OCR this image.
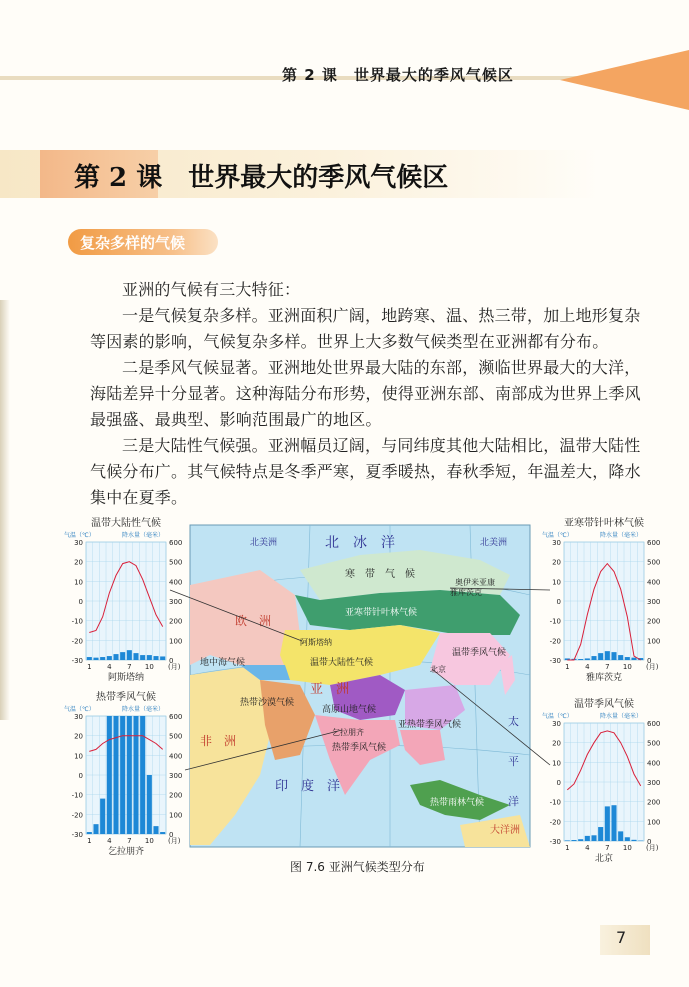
第 2 课　世界最大的季风气候区
第 2 课　世界最大的季风气候区
复杂多样的气候
亚洲的气候有三大特征：
一是气候复杂多样。亚洲面积广阔，地跨寒、温、热三带，加上地形复杂等因素的影响，气候复杂多样。世界上大多数气候类型在亚洲都有分布。
二是季风气候显著。亚洲地处世界最大陆的东部，濒临世界最大的大洋，海陆差异十分显著。这种海陆分布形势，使得亚洲东部、南部成为世界上季风最强盛、最典型、影响范围最广的地区。
三是大陆性气候强。亚洲幅员辽阔，与同纬度其他大陆相比，温带大陆性气候分布广。其气候特点是冬季严寒，夏季暖热，春秋季短，年温差大，降水集中在夏季。
北美洲	北美洲
北　冰　洋
寒　带　气　候
奥伊米亚康
雅库茨克
亚寒带针叶林气候
欧　洲
阿斯塔纳
温带大陆性气候
地中海气候
温带季风气候
北京
亚　洲
热带沙漠气候
高原山地气候
亚热带季风气候
乞拉朋齐
热带季风气候
非　洲
太
平
洋
印　度　洋
热带雨林气候
大洋洲
温带大陆性气候
气温（℃）	降水量（毫米）
30	600
20	500
10	400
0	300
-10	200
-20	100
-30	0
1 4 7 10 (月)
阿斯塔纳
热带季风气候
气温（℃）	降水量（毫米）
30	600
20	500
10	400
0	300
-10	200
-20	100
-30	0
1 4 7 10 (月)
乞拉朋齐
亚寒带针叶林气候
气温（℃）	降水量（毫米）
30	600
20	500
10	400
0	300
-10	200
-20	100
-30	0
1 4 7 10 (月)
雅库茨克
温带季风气候
气温（℃）	降水量（毫米）
30	600
20	500
10	400
0	300
-10	200
-20	100
-30	0
1 4 7 10 (月)
北京
图 7.6 亚洲气候类型分布
7
